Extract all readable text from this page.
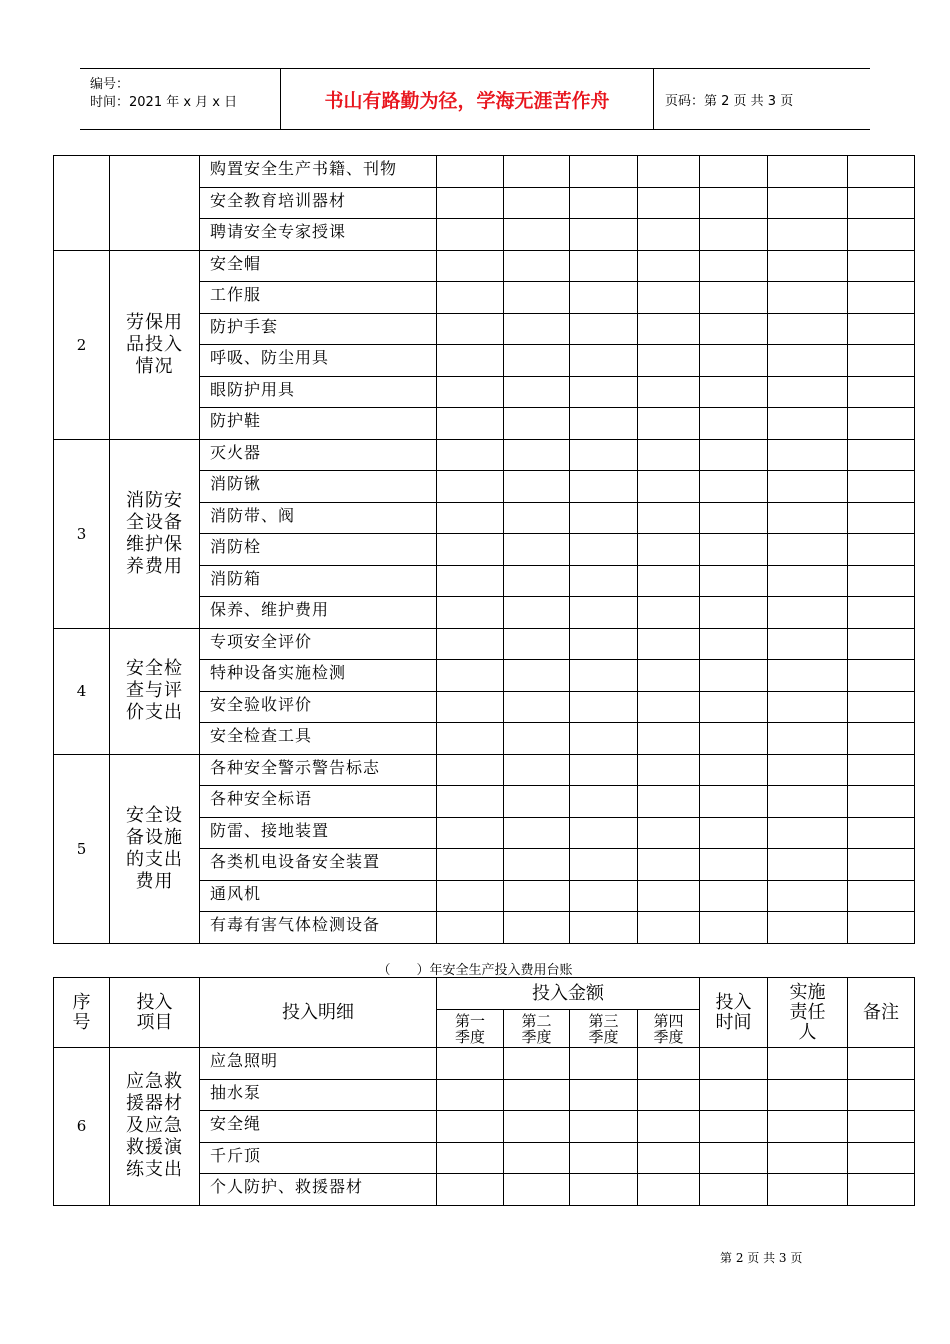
编号：
时间：2021 年 x 月 x 日	书山有路勤为径，学海无涯苦作舟	页码：第 2 页 共 3 页
		购置安全生产书籍、刊物							
		安全教育培训器材							
		聘请安全专家授课							
2	劳保用品投入情况	安全帽							
		工作服							
		防护手套							
		呼吸、防尘用具							
		眼防护用具							
		防护鞋							
3	消防安全设备维护保养费用	灭火器							
		消防锹							
		消防带、阀							
		消防栓							
		消防箱							
		保养、维护费用							
4	安全检查与评价支出	专项安全评价							
		特种设备实施检测							
		安全验收评价							
		安全检查工具							
5	安全设备设施的支出费用	各种安全警示警告标志							
		各种安全标语							
		防雷、接地装置							
		各类机电设备安全装置							
		通风机							
		有毒有害气体检测设备							
（　　）年安全生产投入费用台账
序号	投入项目	投入明细	投入金额				投入时间	实施责任人	备注
			第一季度	第二季度	第三季度	第四季度			
6	应急救援器材及应急救援演练支出	应急照明							
		抽水泵							
		安全绳							
		千斤顶							
		个人防护、救援器材							
第 2 页 共 3 页
